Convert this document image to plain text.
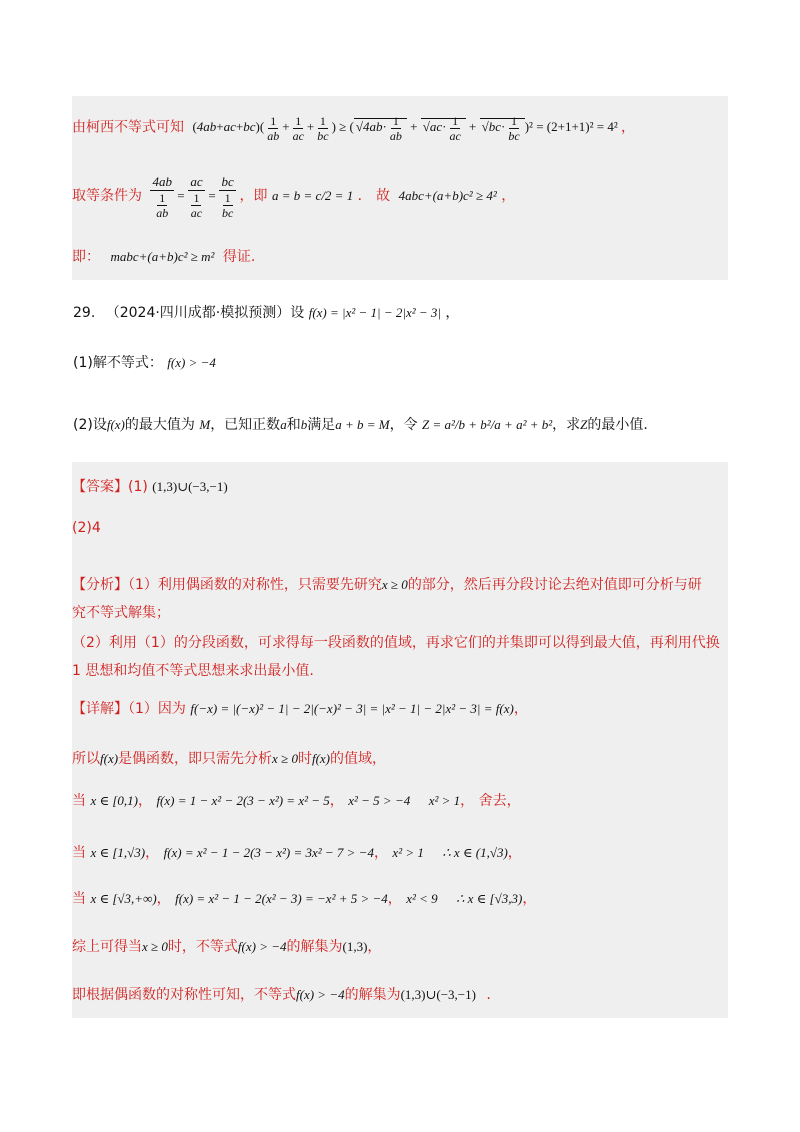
由柯西不等式可知 $(4ab+ac+bc)( \frac{1}{ab} + \frac{1}{ac} + \frac{1}{bc}$ ) ≥ ( $√4ab\cdot \frac{1}{ab} + √ac\cdot \frac{1}{ac} + √bc\cdot \frac{1}{bc} )^2 = (2+1+1)^2 = 4^2$ ，
取等条件为 $\frac{4ab}{\frac{1}{ab}} = \frac{ac}{\frac{1}{ac}} = \frac{bc}{\frac{1}{bc}}$ ，即 a = b = c/2 = 1 ． 故 4abc+(a+b)c² ≥ 4² ，
即： mabc+(a+b)c² ≥ m² 得证.
29. （2024·四川成都·模拟预测）设 f(x) = |x² − 1| − 2|x² − 3| ，
(1)解不等式： f(x) > −4
(2)设f(x)的最大值为 M，已知正数a和b满足a + b = M，令 Z = a²/b + b²/a + a² + b²，求Z的最小值.
【答案】(1) (1,3)∪(−3,−1)
(2)4
【分析】（1）利用偶函数的对称性，只需要先研究x ≥ 0的部分，然后再分段讨论去绝对值即可分析与研
究不等式解集；
（2）利用（1）的分段函数，可求得每一段函数的值域，再求它们的并集即可以得到最大值，再利用代换
1 思想和均值不等式思想来求出最小值.
【详解】（1）因为 f(−x) = |(−x)² − 1| − 2|(−x)² − 3| = |x² − 1| − 2|x² − 3| = f(x)，
所以f(x)是偶函数，即只需先分析x ≥ 0时f(x)的值域，
当 x ∈ [0,1)， f(x) = 1 − x² − 2(3 − x²) = x² − 5， x² − 5 > −4 x² > 1， 舍去，
当 x ∈ [1,√3)， f(x) = x² − 1 − 2(3 − x²) = 3x² − 7 > −4， x² > 1 ∴ x ∈ (1,√3)，
当 x ∈ [√3,+∞)， f(x) = x² − 1 − 2(x² − 3) = −x² + 5 > −4， x² < 9 ∴ x ∈ [√3,3)，
综上可得当x ≥ 0时，不等式f(x) > −4的解集为(1,3)，
即根据偶函数的对称性可知，不等式f(x) > −4的解集为(1,3)∪(−3,−1) .
